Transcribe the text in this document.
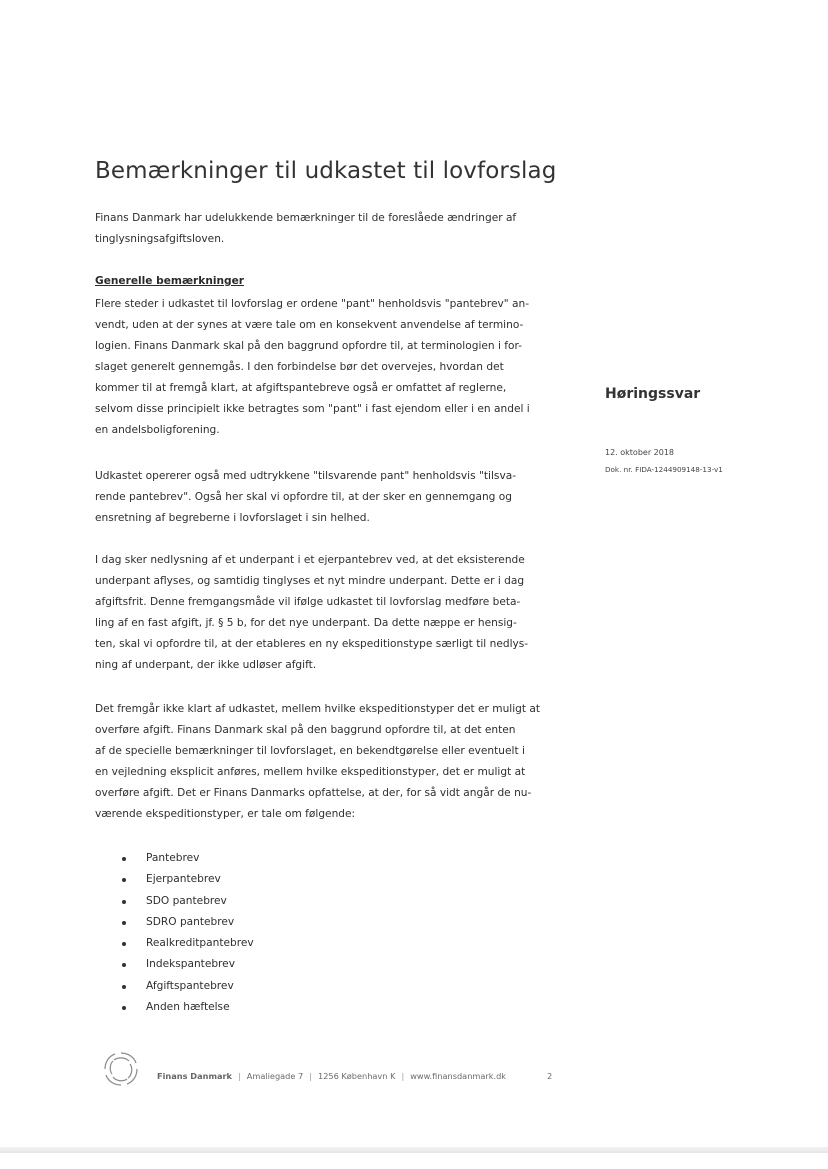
Bemærkninger til udkastet til lovforslag

Finans Danmark har udelukkende bemærkninger til de foreslåede ændringer af
tinglysningsafgiftsloven.

Generelle bemærkninger

Flere steder i udkastet til lovforslag er ordene "pant" henholdsvis "pantebrev" an-
vendt, uden at der synes at være tale om en konsekvent anvendelse af termino-
logien. Finans Danmark skal på den baggrund opfordre til, at terminologien i for-
slaget generelt gennemgås. I den forbindelse bør det overvejes, hvordan det
kommer til at fremgå klart, at afgiftspantebreve også er omfattet af reglerne,
selvom disse principielt ikke betragtes som "pant" i fast ejendom eller i en andel i
en andelsboligforening.

Udkastet opererer også med udtrykkene "tilsvarende pant" henholdsvis "tilsva-
rende pantebrev". Også her skal vi opfordre til, at der sker en gennemgang og
ensretning af begreberne i lovforslaget i sin helhed.

I dag sker nedlysning af et underpant i et ejerpantebrev ved, at det eksisterende
underpant aflyses, og samtidig tinglyses et nyt mindre underpant. Dette er i dag
afgiftsfrit. Denne fremgangsmåde vil ifølge udkastet til lovforslag medføre beta-
ling af en fast afgift, jf. § 5 b, for det nye underpant. Da dette næppe er hensig-
ten, skal vi opfordre til, at der etableres en ny ekspeditionstype særligt til nedlys-
ning af underpant, der ikke udløser afgift.

Det fremgår ikke klart af udkastet, mellem hvilke ekspeditionstyper det er muligt at
overføre afgift. Finans Danmark skal på den baggrund opfordre til, at det enten
af de specielle bemærkninger til lovforslaget, en bekendtgørelse eller eventuelt i
en vejledning eksplicit anføres, mellem hvilke ekspeditionstyper, det er muligt at
overføre afgift. Det er Finans Danmarks opfattelse, at der, for så vidt angår de nu-
værende ekspeditionstyper, er tale om følgende:

Pantebrev
Ejerpantebrev
SDO pantebrev
SDRO pantebrev
Realkreditpantebrev
Indekspantebrev
Afgiftspantebrev
Anden hæftelse
Høringssvar
12. oktober 2018
Dok. nr. FIDA-1244909148-13-v1
Finans Danmark | Amaliegade 7 | 1256 København K | www.finansdanmark.dk	2
